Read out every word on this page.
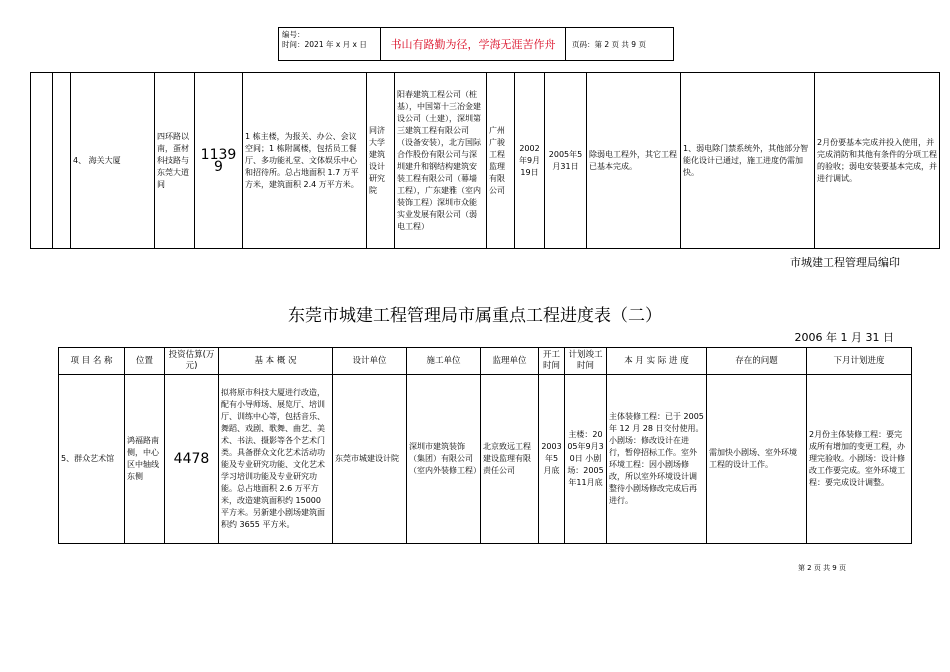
编号：
时间：2021 年 x 月 x 日	书山有路勤为径，学海无涯苦作舟	页码：第 2 页 共 9 页
		4、 海关大厦	四环路以南，蛋材科技路与东莞大道间	11399	1 栋主楼，为报关、办公、会议空间；1 栋附属楼，包括员工餐厅、多功能礼堂、文体娱乐中心和招待所。总占地面积 1.7 万平方米，建筑面积 2.4 万平方米。	同济大学建筑设计研究院	阳春建筑工程公司（桩基），中国第十三冶金建设公司（土建），深圳第三建筑工程有限公司（设备安装），北方国际合作股份有限公司与深圳建升和钢结构建筑安装工程有限公司（幕墙工程），广东建雅（室内装饰工程）深圳市众能实业发展有限公司（弱电工程）	广州广骏工程监理有限公司	2002年9月19日	2005年5月31日	除弱电工程外，其它工程已基本完成。	1、弱电除门禁系统外，其他部分智能化设计已通过，施工进度仍需加快。	2月份要基本完成并投入使用，并完成消防和其他有条件的分项工程的验收；弱电安装要基本完成，并进行调试。
市城建工程管理局编印
东莞市城建工程管理局市属重点工程进度表（二）
2006 年 1 月 31 日
项 目 名 称	位置	投资估算(万元)	基 本 概 况	设计单位	施工单位	监理单位	开工时间	计划竣工时间	本 月 实 际 进 度	存在的问题	下月计划进度
5、群众艺术馆	鸿福路南侧，中心区中轴线东侧	4478	拟将原市科技大厦进行改造，配有小导师场、展览厅、培训厅、训练中心等，包括音乐、舞蹈、戏剧、歌舞、曲艺、美术、书法、摄影等各个艺术门类。具备群众文化艺术活动功能及专业研究功能、文化艺术学习培训功能及专业研究功能。总占地面积 2.6 万平方米，改造建筑面积约 15000 平方米。另新建小剧场建筑面积约 3655 平方米。	东莞市城建设计院	深圳市建筑装饰（集团）有限公司（室内外装修工程）	北京致远工程建设监理有限责任公司	2003年5月底	主楼：2005年9月30日 小剧场：2005年11月底	主体装修工程：已于 2005 年 12 月 28 日交付使用。小剧场：修改设计在进行，暂停招标工作。室外环境工程：因小剧场修改，所以室外环境设计调整待小剧场修改完成后再进行。	需加快小剧场、室外环境工程的设计工作。	2月份主体装修工程：要完成所有增加的变更工程，办理完验收。小剧场：设计修改工作要完成。室外环境工程：要完成设计调整。
第 2 页 共 9 页
